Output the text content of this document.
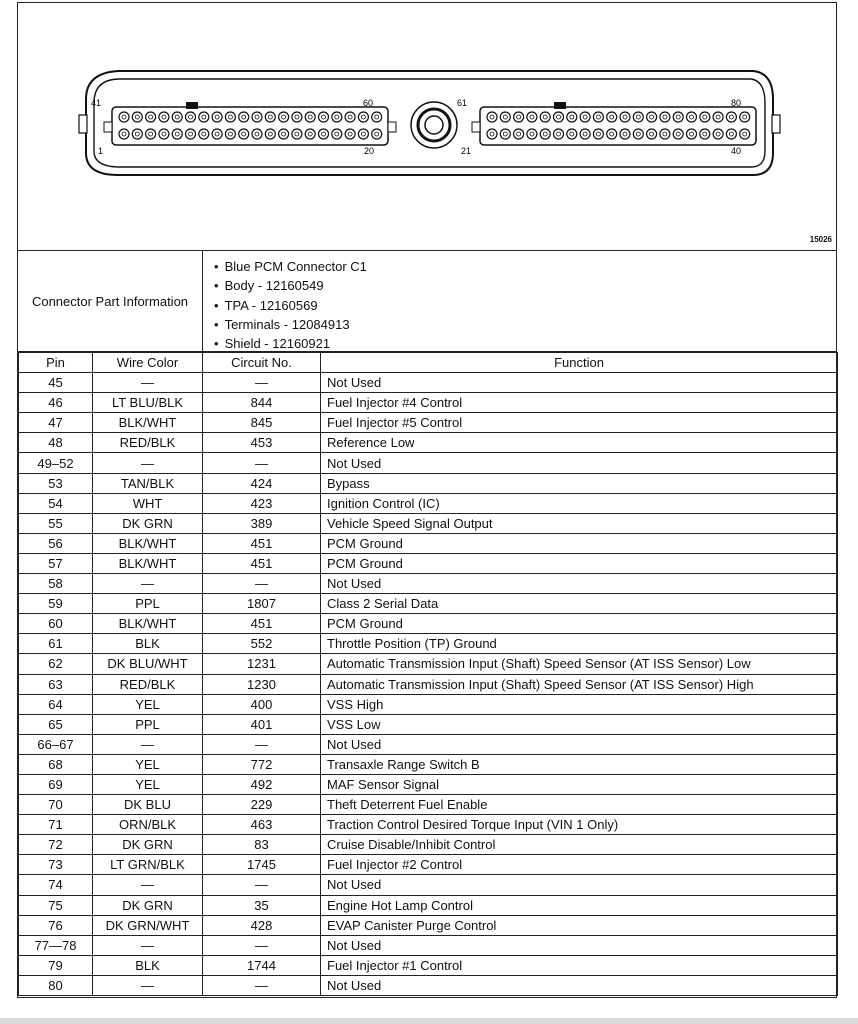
41	60
1	20
61	80
21	40
15026
Connector Part Information
• Blue PCM Connector C1
• Body - 12160549
• TPA - 12160569
• Terminals - 12084913
• Shield - 12160921
Pin	Wire Color	Circuit No.	Function
45	—	—	Not Used
46	LT BLU/BLK	844	Fuel Injector #4 Control
47	BLK/WHT	845	Fuel Injector #5 Control
48	RED/BLK	453	Reference Low
49–52	—	—	Not Used
53	TAN/BLK	424	Bypass
54	WHT	423	Ignition Control (IC)
55	DK GRN	389	Vehicle Speed Signal Output
56	BLK/WHT	451	PCM Ground
57	BLK/WHT	451	PCM Ground
58	—	—	Not Used
59	PPL	1807	Class 2 Serial Data
60	BLK/WHT	451	PCM Ground
61	BLK	552	Throttle Position (TP) Ground
62	DK BLU/WHT	1231	Automatic Transmission Input (Shaft) Speed Sensor (AT ISS Sensor) Low
63	RED/BLK	1230	Automatic Transmission Input (Shaft) Speed Sensor (AT ISS Sensor) High
64	YEL	400	VSS High
65	PPL	401	VSS Low
66–67	—	—	Not Used
68	YEL	772	Transaxle Range Switch B
69	YEL	492	MAF Sensor Signal
70	DK BLU	229	Theft Deterrent Fuel Enable
71	ORN/BLK	463	Traction Control Desired Torque Input (VIN 1 Only)
72	DK GRN	83	Cruise Disable/Inhibit Control
73	LT GRN/BLK	1745	Fuel Injector #2 Control
74	—	—	Not Used
75	DK GRN	35	Engine Hot Lamp Control
76	DK GRN/WHT	428	EVAP Canister Purge Control
77—78	—	—	Not Used
79	BLK	1744	Fuel Injector #1 Control
80	—	—	Not Used
